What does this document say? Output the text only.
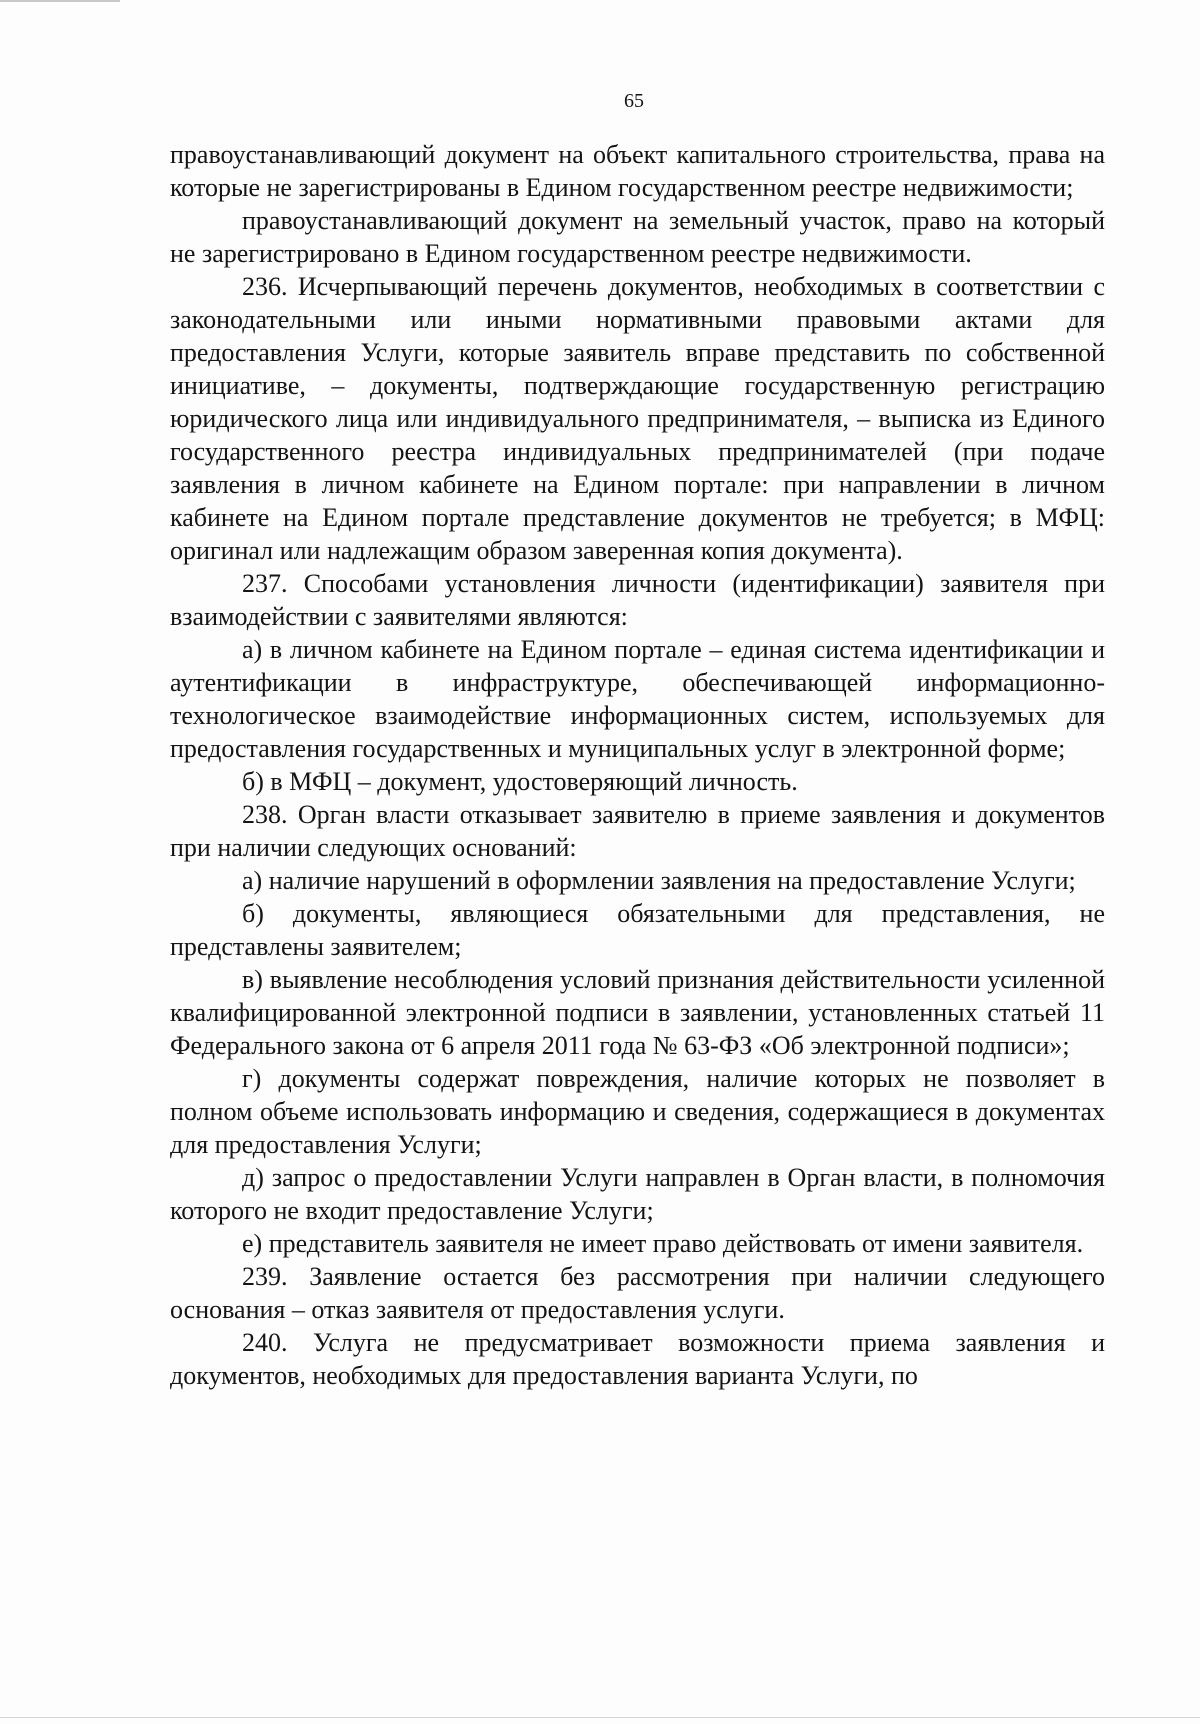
65

правоустанавливающий документ на объект капитального строительства, права на которые не зарегистрированы в Едином государственном реестре недвижимости;

правоустанавливающий документ на земельный участок, право на который не зарегистрировано в Едином государственном реестре недвижимости.

236. Исчерпывающий перечень документов, необходимых в соответствии с законодательными или иными нормативными правовыми актами для предоставления Услуги, которые заявитель вправе представить по собственной инициативе, – документы, подтверждающие государственную регистрацию юридического лица или индивидуального предпринимателя, – выписка из Единого государственного реестра индивидуальных предпринимателей (при подаче заявления в личном кабинете на Едином портале: при направлении в личном кабинете на Едином портале представление документов не требуется; в МФЦ: оригинал или надлежащим образом заверенная копия документа).

237. Способами установления личности (идентификации) заявителя при взаимодействии с заявителями являются:

а) в личном кабинете на Едином портале – единая система идентификации и аутентификации в инфраструктуре, обеспечивающей информационно-технологическое взаимодействие информационных систем, используемых для предоставления государственных и муниципальных услуг в электронной форме;

б) в МФЦ – документ, удостоверяющий личность.

238. Орган власти отказывает заявителю в приеме заявления и документов при наличии следующих оснований:

а) наличие нарушений в оформлении заявления на предоставление Услуги;

б) документы, являющиеся обязательными для представления, не представлены заявителем;

в) выявление несоблюдения условий признания действительности усиленной квалифицированной электронной подписи в заявлении, установленных статьей 11 Федерального закона от 6 апреля 2011 года № 63-ФЗ «Об электронной подписи»;

г) документы содержат повреждения, наличие которых не позволяет в полном объеме использовать информацию и сведения, содержащиеся в документах для предоставления Услуги;

д) запрос о предоставлении Услуги направлен в Орган власти, в полномочия которого не входит предоставление Услуги;

е) представитель заявителя не имеет право действовать от имени заявителя.

239. Заявление остается без рассмотрения при наличии следующего основания – отказ заявителя от предоставления услуги.

240. Услуга не предусматривает возможности приема заявления и документов, необходимых для предоставления варианта Услуги, по
